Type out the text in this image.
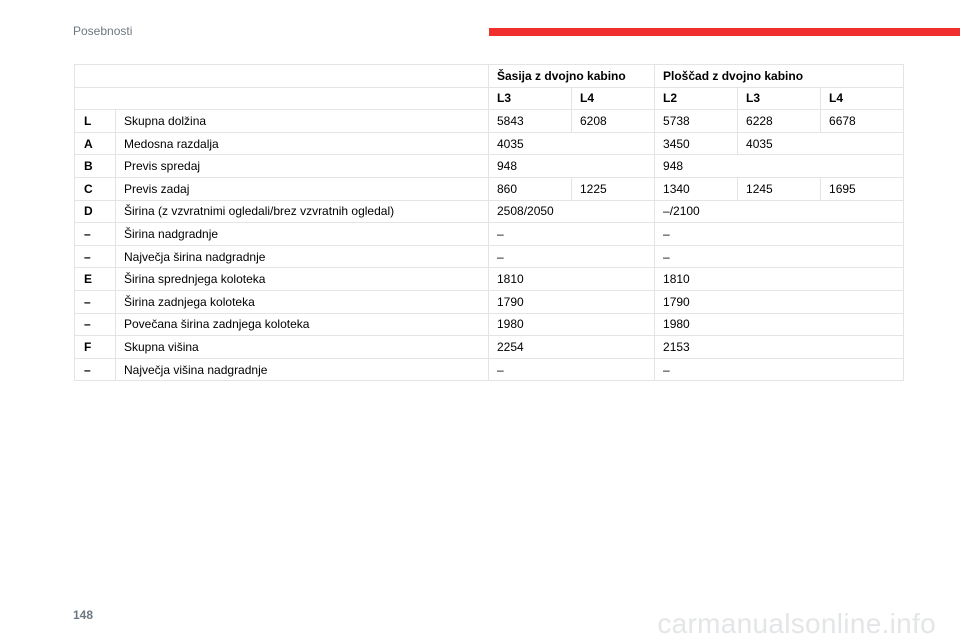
Posebnosti
		Šasija z dvojno kabino		Ploščad z dvojno kabino		
		L3	L4	L2	L3	L4
L	Skupna dolžina	5843	6208	5738	6228	6678
A	Medosna razdalja	4035		3450	4035	
B	Previs spredaj	948		948		
C	Previs zadaj	860	1225	1340	1245	1695
D	Širina (z vzvratnimi ogledali/brez vzvratnih ogledal)	2508/2050		–/2100		
–	Širina nadgradnje	–		–		
–	Največja širina nadgradnje	–		–		
E	Širina sprednjega koloteka	1810		1810		
–	Širina zadnjega koloteka	1790		1790		
–	Povečana širina zadnjega koloteka	1980		1980		
F	Skupna višina	2254		2153		
–	Največja višina nadgradnje	–		–		
148	carmanualsonline.info
